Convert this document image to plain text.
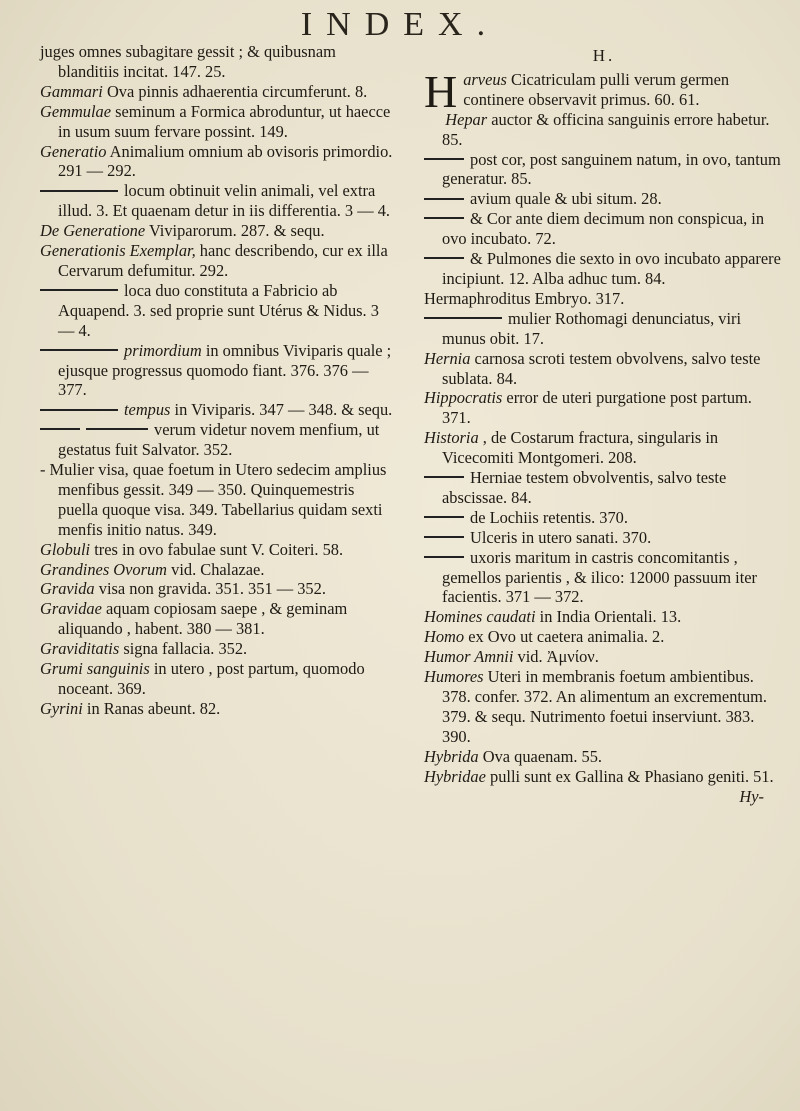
INDEX.

juges omnes subagitare gessit ; & quibusnam blanditiis incitat. 147. 25.

Gammari Ova pinnis adhaerentia circumferunt. 8.

Gemmulae seminum a Formica abroduntur, ut haecce in usum suum fervare possint. 149.

Generatio Animalium omnium ab ovisoris primordio. 291 — 292.

locum obtinuit velin animali, vel extra illud. 3. Et quaenam detur in iis differentia. 3 — 4.

De Generatione Viviparorum. 287. & sequ.

Generationis Exemplar, hanc describendo, cur ex illa Cervarum defumitur. 292.

loca duo constituta a Fabricio ab Aquapend. 3. sed proprie sunt Utérus & Nidus. 3 — 4.

primordium in omnibus Viviparis quale ; ejusque progressus quomodo fiant. 376. 376 — 377.

tempus in Viviparis. 347 — 348. & sequ.

verum videtur novem menfium, ut gestatus fuit Salvator. 352.

- Mulier visa, quae foetum in Utero sedecim amplius menfibus gessit. 349 — 350. Quinquemestris puella quoque visa. 349. Tabellarius quidam sexti menfis initio natus. 349.

Globuli tres in ovo fabulae sunt V. Coiteri. 58.

Grandines Ovorum vid. Chalazae.

Gravida visa non gravida. 351. 351 — 352.

Gravidae aquam copiosam saepe , & geminam aliquando , habent. 380 — 381.

Graviditatis signa fallacia. 352.

Grumi sanguinis in utero , post partum, quomodo noceant. 369.

Gyrini in Ranas abeunt. 82.

H.

Harveus Cicatriculam pulli verum germen continere observavit primus. 60. 61.

Hepar auctor & officina sanguinis errore habetur. 85.

post cor, post sanguinem natum, in ovo, tantum generatur. 85.

avium quale & ubi situm. 28.

& Cor ante diem decimum non conspicua, in ovo incubato. 72.

& Pulmones die sexto in ovo incubato apparere incipiunt. 12. Alba adhuc tum. 84.

Hermaphroditus Embryo. 317.

mulier Rothomagi denunciatus, viri munus obit. 17.

Hernia carnosa scroti testem obvolvens, salvo teste sublata. 84.

Hippocratis error de uteri purgatione post partum. 371.

Historia , de Costarum fractura, singularis in Vicecomiti Montgomeri. 208.

Herniae testem obvolventis, salvo teste abscissae. 84.

de Lochiis retentis. 370.

Ulceris in utero sanati. 370.

uxoris maritum in castris concomitantis , gemellos parientis , & ilico: 12000 passuum iter facientis. 371 — 372.

Homines caudati in India Orientali. 13.

Homo ex Ovo ut caetera animalia. 2.

Humor Amnii vid. Ἀμνίον.

Humores Uteri in membranis foetum ambientibus. 378. confer. 372. An alimentum an excrementum. 379. & sequ. Nutrimento foetui inserviunt. 383. 390.

Hybrida Ova quaenam. 55.

Hybridae pulli sunt ex Gallina & Phasiano geniti. 51.

Hy-
